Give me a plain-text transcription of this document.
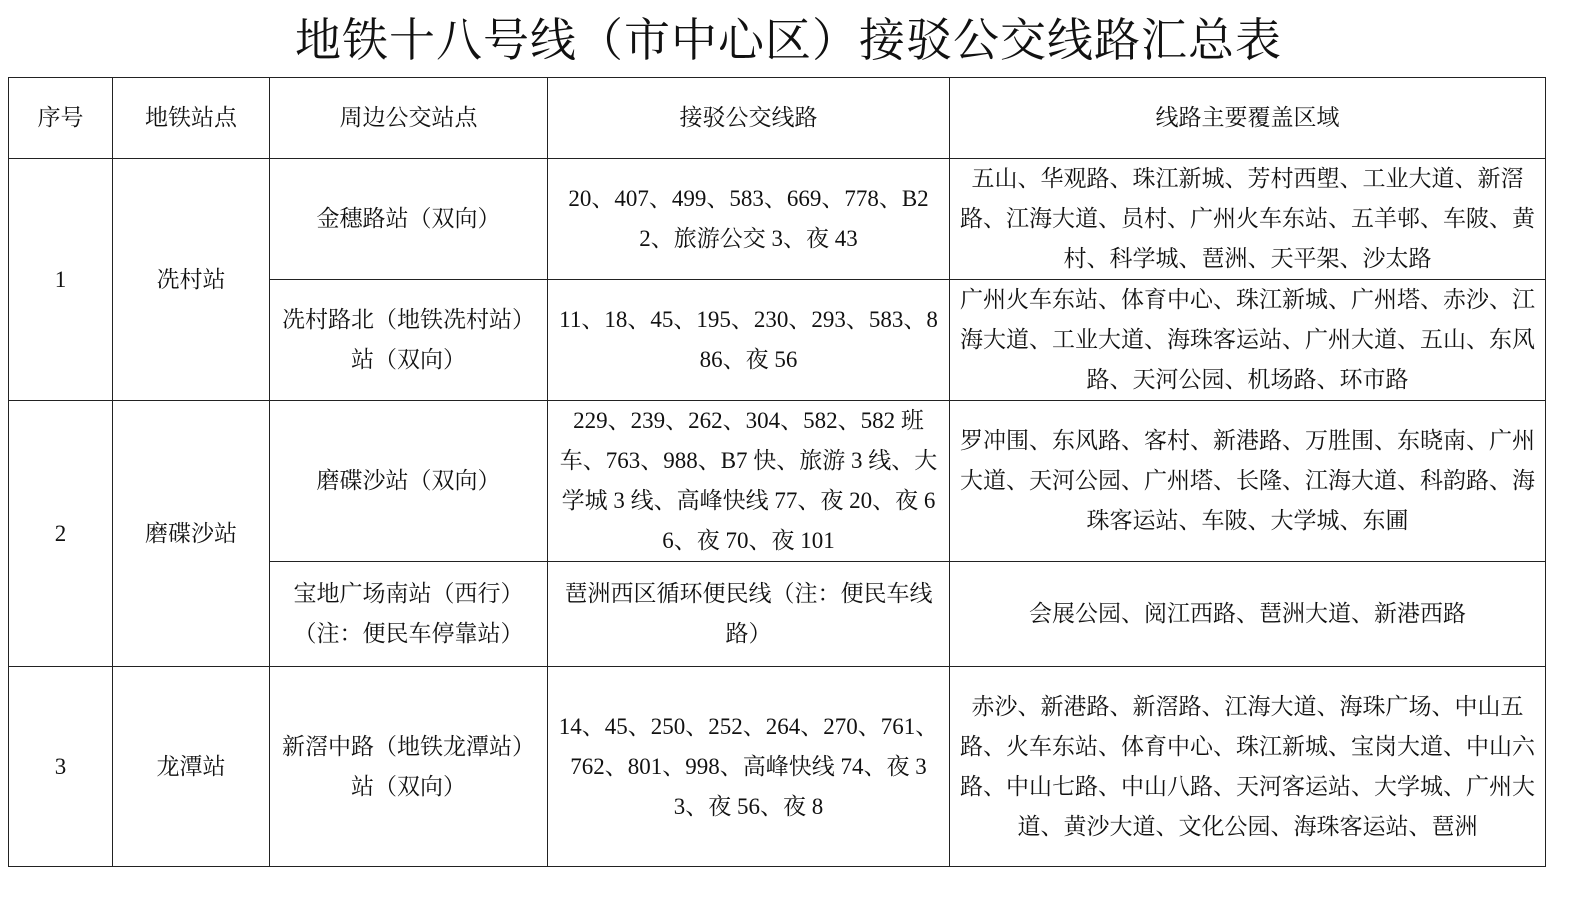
地铁十八号线（市中心区）接驳公交线路汇总表
序号	地铁站点	周边公交站点	接驳公交线路	线路主要覆盖区域
1	冼村站	金穗路站（双向）	20、407、499、583、669、778、B22、旅游公交 3、夜 43	五山、华观路、珠江新城、芳村西塱、工业大道、新滘路、江海大道、员村、广州火车东站、五羊邨、车陂、黄村、科学城、琶洲、天平架、沙太路
		冼村路北（地铁冼村站）站（双向）	11、18、45、195、230、293、583、886、夜 56	广州火车东站、体育中心、珠江新城、广州塔、赤沙、江海大道、工业大道、海珠客运站、广州大道、五山、东风路、天河公园、机场路、环市路
2	磨碟沙站	磨碟沙站（双向）	229、239、262、304、582、582 班车、763、988、B7 快、旅游 3 线、大学城 3 线、高峰快线 77、夜 20、夜 66、夜 70、夜 101	罗冲围、东风路、客村、新港路、万胜围、东晓南、广州大道、天河公园、广州塔、长隆、江海大道、科韵路、海珠客运站、车陂、大学城、东圃
		宝地广场南站（西行）（注：便民车停靠站）	琶洲西区循环便民线（注：便民车线路）	会展公园、阅江西路、琶洲大道、新港西路
3	龙潭站	新滘中路（地铁龙潭站）站（双向）	14、45、250、252、264、270、761、762、801、998、高峰快线 74、夜 33、夜 56、夜 8	赤沙、新港路、新滘路、江海大道、海珠广场、中山五路、火车东站、体育中心、珠江新城、宝岗大道、中山六路、中山七路、中山八路、天河客运站、大学城、广州大道、黄沙大道、文化公园、海珠客运站、琶洲
